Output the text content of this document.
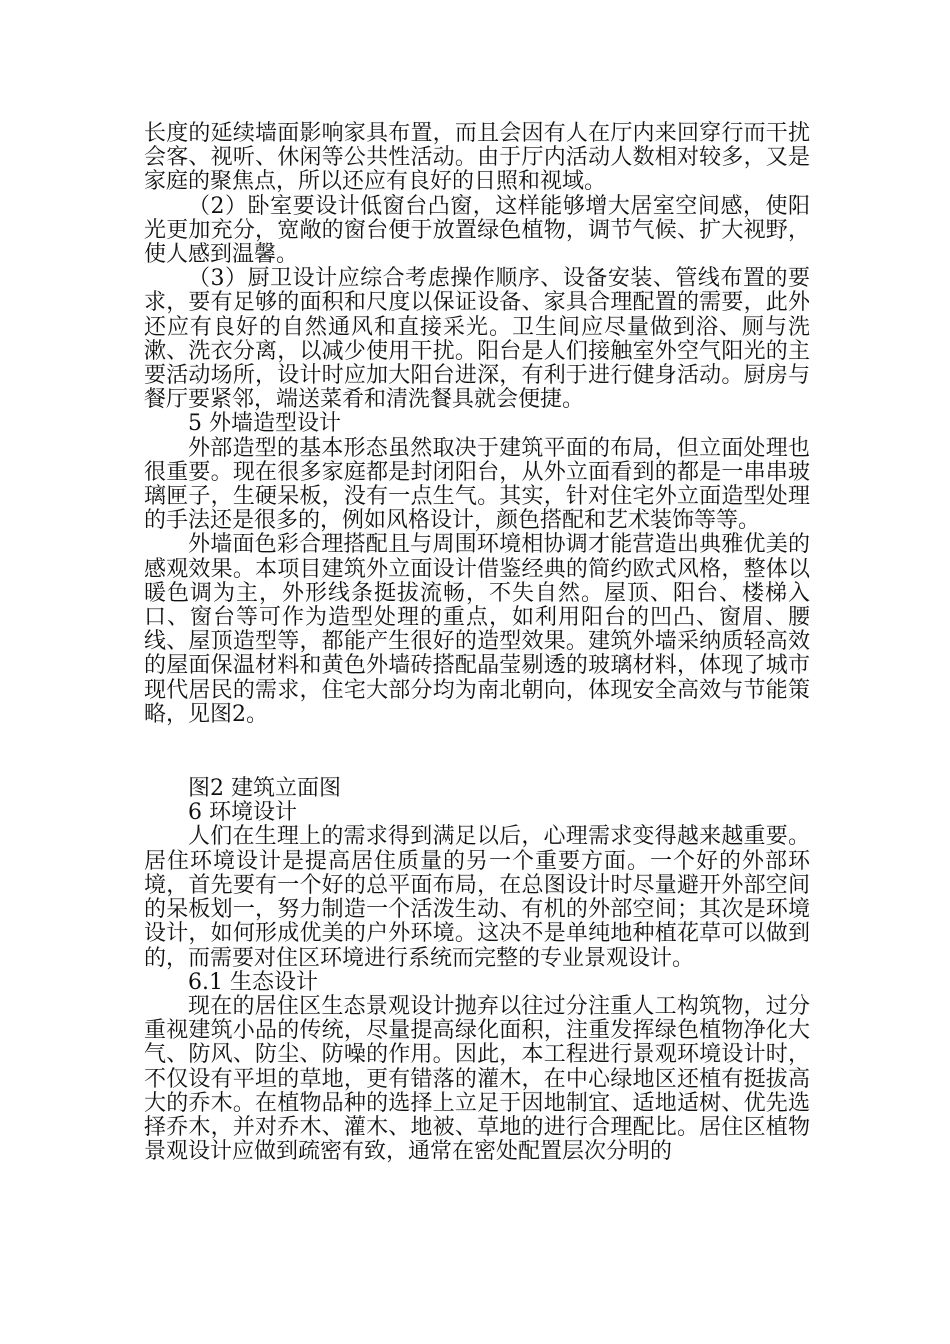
长度的延续墙面影响家具布置，而且会因有人在厅内来回穿行而干扰会客、视听、休闲等公共性活动。由于厅内活动人数相对较多，又是家庭的聚焦点，所以还应有良好的日照和视域。

（2）卧室要设计低窗台凸窗，这样能够增大居室空间感，使阳光更加充分，宽敞的窗台便于放置绿色植物，调节气候、扩大视野，使人感到温馨。

（3）厨卫设计应综合考虑操作顺序、设备安装、管线布置的要求，要有足够的面积和尺度以保证设备、家具合理配置的需要，此外还应有良好的自然通风和直接采光。卫生间应尽量做到浴、厕与洗漱、洗衣分离，以减少使用干扰。阳台是人们接触室外空气阳光的主要活动场所，设计时应加大阳台进深，有利于进行健身活动。厨房与餐厅要紧邻，端送菜肴和清洗餐具就会便捷。

5 外墙造型设计

外部造型的基本形态虽然取决于建筑平面的布局，但立面处理也很重要。现在很多家庭都是封闭阳台，从外立面看到的都是一串串玻璃匣子，生硬呆板，没有一点生气。其实，针对住宅外立面造型处理的手法还是很多的，例如风格设计，颜色搭配和艺术装饰等等。

外墙面色彩合理搭配且与周围环境相协调才能营造出典雅优美的感观效果。本项目建筑外立面设计借鉴经典的简约欧式风格，整体以暖色调为主，外形线条挺拔流畅，不失自然。屋顶、阳台、楼梯入口、窗台等可作为造型处理的重点，如利用阳台的凹凸、窗眉、腰线、屋顶造型等，都能产生很好的造型效果。建筑外墙采纳质轻高效的屋面保温材料和黄色外墙砖搭配晶莹剔透的玻璃材料，体现了城市现代居民的需求，住宅大部分均为南北朝向，体现安全高效与节能策略，见图2。

图2 建筑立面图

6 环境设计

人们在生理上的需求得到满足以后，心理需求变得越来越重要。居住环境设计是提高居住质量的另一个重要方面。一个好的外部环境，首先要有一个好的总平面布局，在总图设计时尽量避开外部空间的呆板划一，努力制造一个活泼生动、有机的外部空间；其次是环境设计，如何形成优美的户外环境。这决不是单纯地种植花草可以做到的，而需要对住区环境进行系统而完整的专业景观设计。

6.1 生态设计

现在的居住区生态景观设计抛弃以往过分注重人工构筑物，过分重视建筑小品的传统，尽量提高绿化面积，注重发挥绿色植物净化大气、防风、防尘、防噪的作用。因此，本工程进行景观环境设计时，不仅设有平坦的草地，更有错落的灌木，在中心绿地区还植有挺拔高大的乔木。在植物品种的选择上立足于因地制宜、适地适树、优先选择乔木，并对乔木、灌木、地被、草地的进行合理配比。居住区植物景观设计应做到疏密有致，通常在密处配置层次分明的
